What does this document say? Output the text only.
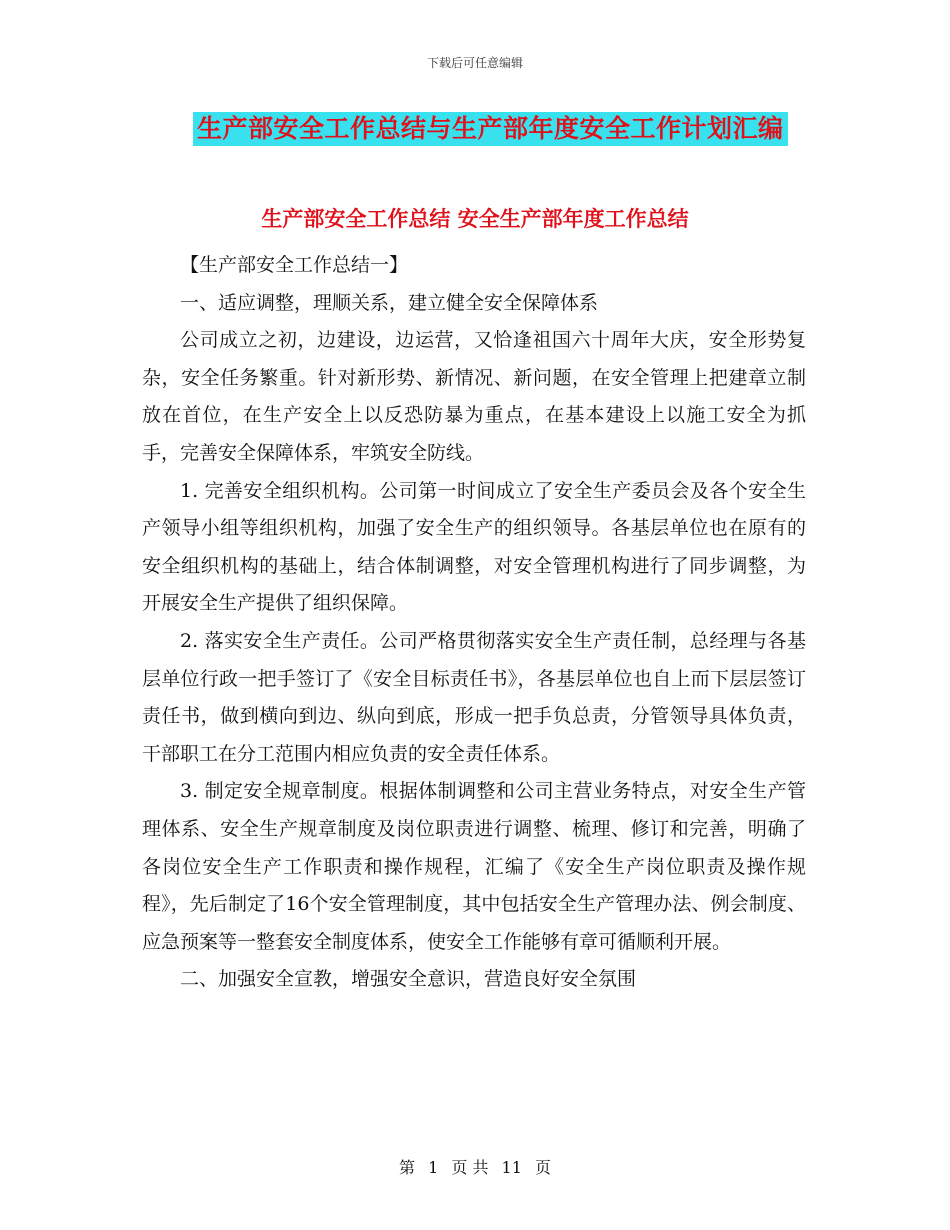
下载后可任意编辑
生产部安全工作总结与生产部年度安全工作计划汇编
生产部安全工作总结 安全生产部年度工作总结

【生产部安全工作总结一】

一、适应调整，理顺关系，建立健全安全保障体系

公司成立之初，边建设，边运营，又恰逢祖国六十周年大庆，安全形势复杂，安全任务繁重。针对新形势、新情况、新问题，在安全管理上把建章立制放在首位，在生产安全上以反恐防暴为重点，在基本建设上以施工安全为抓手，完善安全保障体系，牢筑安全防线。

1. 完善安全组织机构。公司第一时间成立了安全生产委员会及各个安全生产领导小组等组织机构，加强了安全生产的组织领导。各基层单位也在原有的安全组织机构的基础上，结合体制调整，对安全管理机构进行了同步调整，为开展安全生产提供了组织保障。

2. 落实安全生产责任。公司严格贯彻落实安全生产责任制，总经理与各基层单位行政一把手签订了《安全目标责任书》，各基层单位也自上而下层层签订责任书，做到横向到边、纵向到底，形成一把手负总责，分管领导具体负责，干部职工在分工范围内相应负责的安全责任体系。

3. 制定安全规章制度。根据体制调整和公司主营业务特点，对安全生产管理体系、安全生产规章制度及岗位职责进行调整、梳理、修订和完善，明确了各岗位安全生产工作职责和操作规程，汇编了《安全生产岗位职责及操作规程》，先后制定了16个安全管理制度，其中包括安全生产管理办法、例会制度、应急预案等一整套安全制度体系，使安全工作能够有章可循顺利开展。

二、加强安全宣教，增强安全意识，营造良好安全氛围

第 1 页 共 11 页
